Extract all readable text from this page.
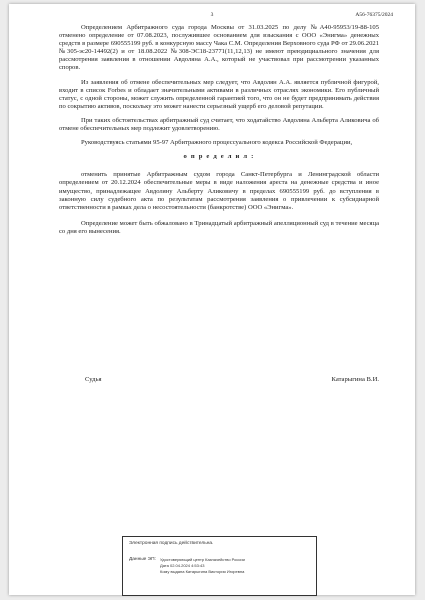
3	А56-76375/2024

Определением Арбитражного суда города Москвы от 31.03.2025 по делу №А40-95953/19-88-105 отменено определение от 07.08.2023, послужившее основанием для взыскания с ООО «Энигма» денежных средств в размере 690555199 руб. в конкурсную массу Чака С.М. Определения Верховного суда РФ от 29.06.2021 №305-эс20-14492(2) и от 18.08.2022 №308-ЭС18-23771(11,12,13) не имеют преюдициального значения для рассмотрения заявления в отношении Авдоляна А.А., который не участвовал при рассмотрении указанных споров.

Из заявления об отмене обеспечительных мер следует, что Авдолян А.А. является публичной фигурой, входит в список Forbes и обладает значительными активами в различных отраслях экономики. Его публичный статус, с одной стороны, может служить определенной гарантией того, что он не будет предпринимать действия по сокрытию активов, поскольку это может нанести серьезный ущерб его деловой репутации.

При таких обстоятельствах арбитражный суд считает, что ходатайство Авдоляна Альберта Аликовича об отмене обеспечительных мер подлежит удовлетворению.

Руководствуясь статьями 95-97 Арбитражного процессуального кодекса Российской Федерации,

о п р е д е л и л :

отменить принятые Арбитражным судом города Санкт-Петербурга и Ленинградской области определением от 20.12.2024 обеспечительные меры в виде наложения ареста на денежные средства и иное имущество, принадлежащее Авдоляну Альберту Аликовичу в пределах 690555199 руб. до вступления в законную силу судебного акта по результатам рассмотрения заявления о привлечении к субсидиарной ответственности в рамках дела о несостоятельности (банкротстве) ООО «Энигма».

Определение может быть обжаловано в Тринадцатый арбитражный апелляционный суд в течение месяца со дня его вынесения.

Судья	Катарыгина В.И.
Электронная подпись действительна.
Данные ЭП: Удостоверяющий центр Казначейство России
Дата 02.04.2024 4:53:43
Кому выдана Катарыгина Виктория Игоревна
